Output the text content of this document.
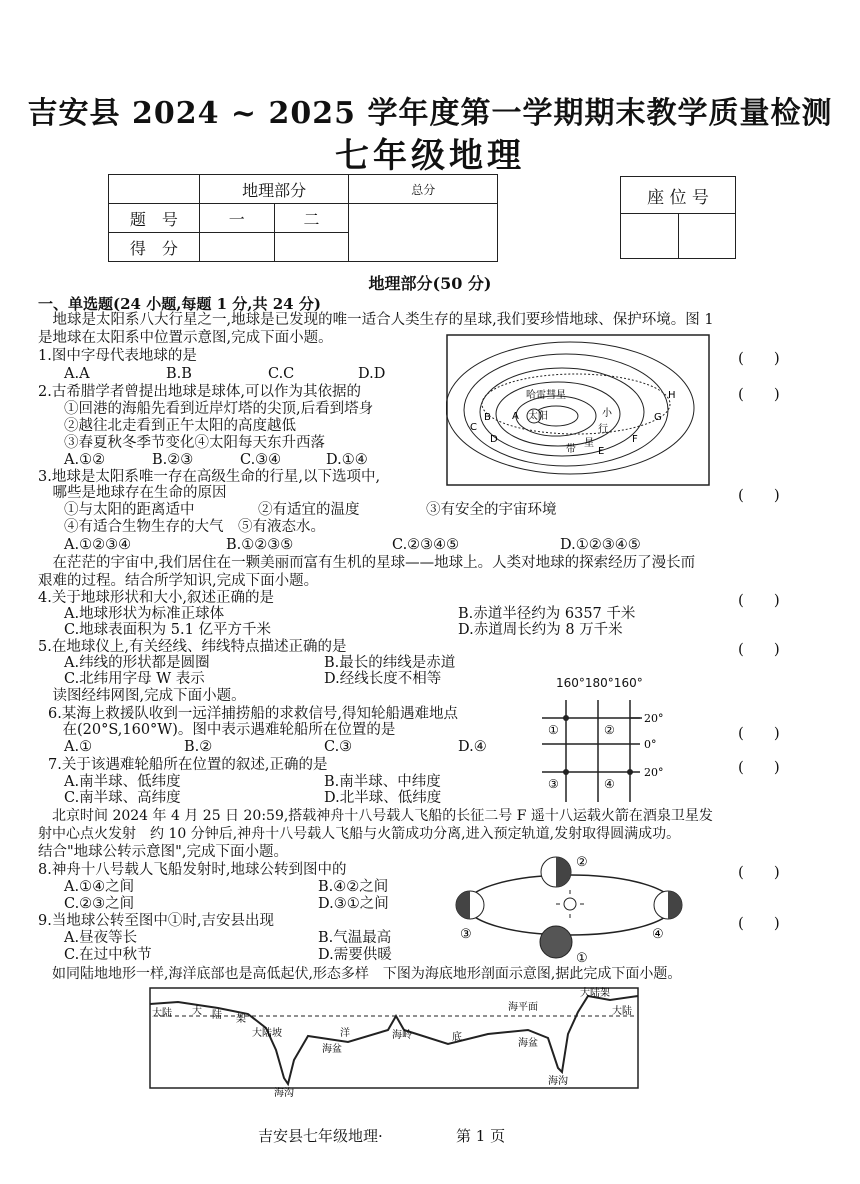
吉安县 2024 ~ 2025 学年度第一学期期末教学质量检测
七年级地理
	地理部分		总分
题　号	一	二	
得　分			
座 位 号

地理部分(50 分)
一、单选题(24 小题,每题 1 分,共 24 分)
　地球是太阳系八大行星之一,地球是已发现的唯一适合人类生存的星球,我们要珍惜地球、保护环境。图 1
是地球在太阳系中位置示意图,完成下面小题。
1.图中字母代表地球的是	(　　)
A.A	B.B	C.C	D.D
2.古希腊学者曾提出地球是球体,可以作为其依据的	(　　)
①回港的海船先看到近岸灯塔的尖顶,后看到塔身
②越往北走看到正午太阳的高度越低
③春夏秋冬季节变化④太阳每天东升西落
A.①②	B.②③	C.③④	D.①④
太阳
哈雷彗星
A
B
C
D
E
F
G
H
小
行
星
带
3.地球是太阳系唯一存在高级生命的行星,以下选项中,
　哪些是地球存在生命的原因	(　　)
①与太阳的距离适中	②有适宜的温度	③有安全的宇宙环境
④有适合生物生存的大气　⑤有液态水。
A.①②③④	B.①②③⑤	C.②③④⑤	D.①②③④⑤
　在茫茫的宇宙中,我们居住在一颗美丽而富有生机的星球——地球上。人类对地球的探索经历了漫长而
艰难的过程。结合所学知识,完成下面小题。
4.关于地球形状和大小,叙述正确的是	(　　)
A.地球形状为标准正球体	B.赤道半径约为 6357 千米
C.地球表面积为 5.1 亿平方千米	D.赤道周长约为 8 万千米
5.在地球仪上,有关经线、纬线特点描述正确的是	(　　)
A.纬线的形状都是圆圈	B.最长的纬线是赤道
C.北纬用字母 W 表示	D.经线长度不相等
　读图经纬网图,完成下面小题。
160°180°160°
①	②
③	④
20°
0°
20°
6.某海上救援队收到一远洋捕捞船的求救信号,得知轮船遇难地点
　在(20°S,160°W)。图中表示遇难轮船所在位置的是	(　　)
A.①	B.②	C.③	D.④
7.关于该遇难轮船所在位置的叙述,正确的是	(　　)
A.南半球、低纬度	B.南半球、中纬度
C.南半球、高纬度	D.北半球、低纬度
　北京时间 2024 年 4 月 25 日 20:59,搭载神舟十八号载人飞船的长征二号 F 遥十八运载火箭在酒泉卫星发
射中心点火发射　约 10 分钟后,神舟十八号载人飞船与火箭成功分离,进入预定轨道,发射取得圆满成功。
结合"地球公转示意图",完成下面小题。
8.神舟十八号载人飞船发射时,地球公转到图中的	(　　)
A.①④之间	B.④②之间
C.②③之间	D.③①之间
9.当地球公转至图中①时,吉安县出现	(　　)
A.昼夜等长	B.气温最高
C.在过中秋节	D.需要供暖
②
①
③	④
　如同陆地地形一样,海洋底部也是高低起伏,形态多样　下图为海底地形剖面示意图,据此完成下面小题。
大陆 大 陆 架
大陆坡	洋	底
海盆
海岭
海平面
海盆
海沟
海沟
大陆架
大陆
吉安县七年级地理·	第 1 页
